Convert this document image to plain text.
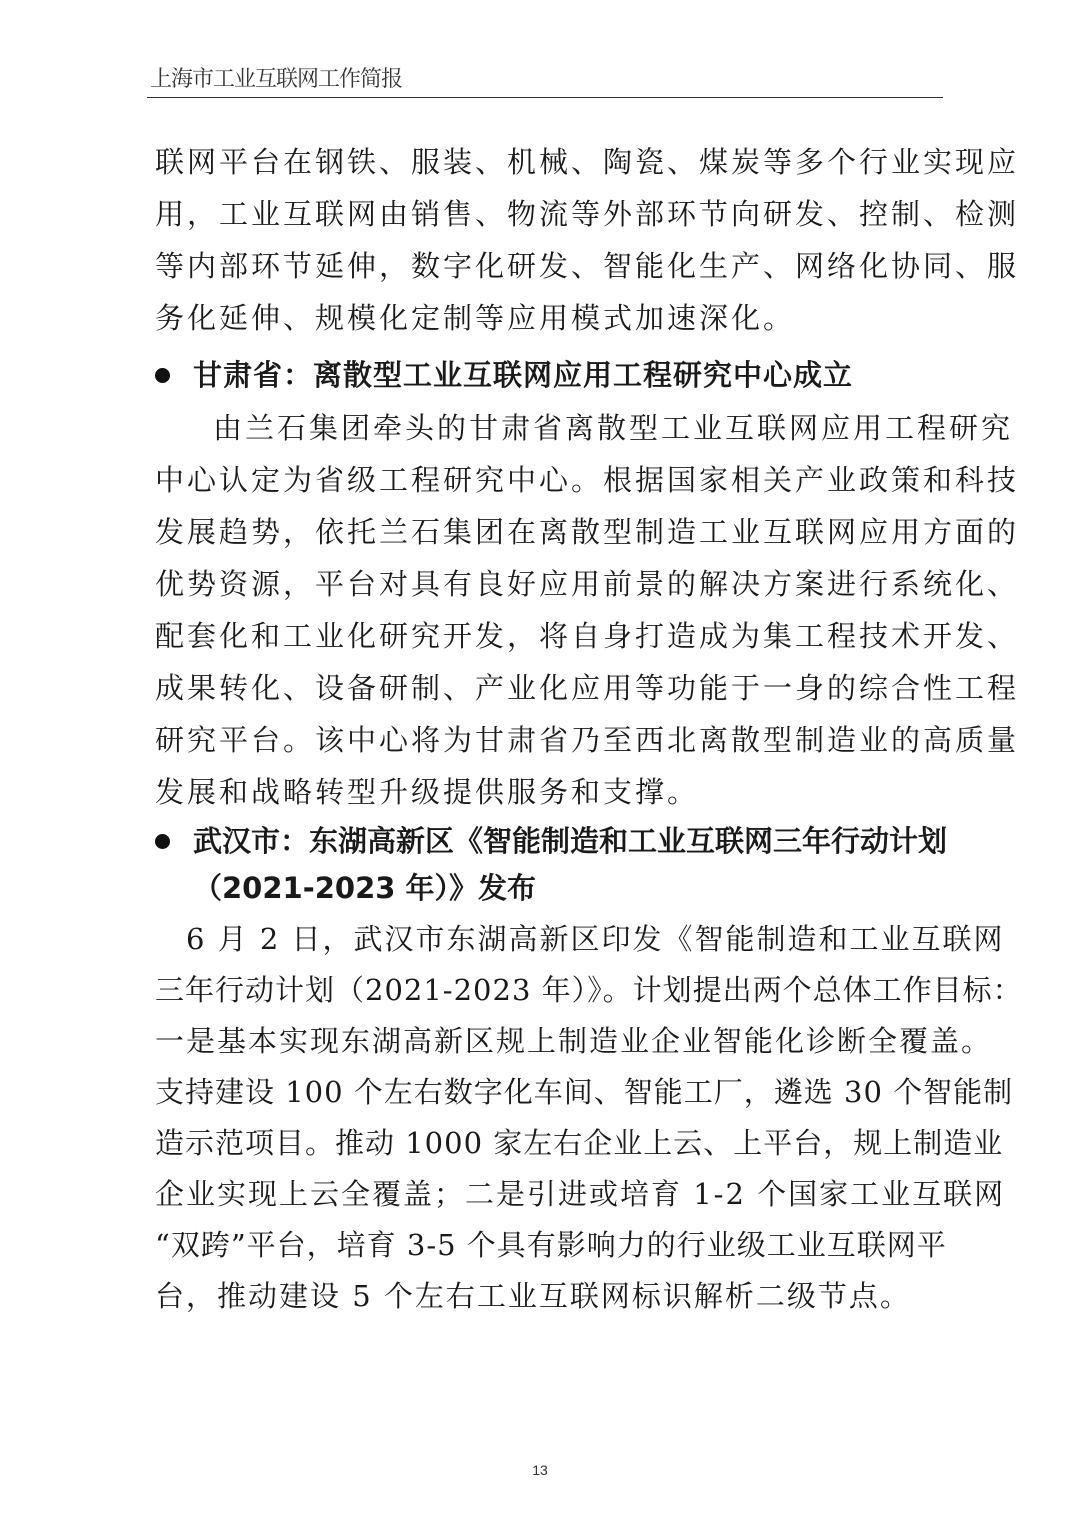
上海市工业互联网工作简报
联网平台在钢铁、服装、机械、陶瓷、煤炭等多个行业实现应
用，工业互联网由销售、物流等外部环节向研发、控制、检测
等内部环节延伸，数字化研发、智能化生产、网络化协同、服
务化延伸、规模化定制等应用模式加速深化。
甘肃省：离散型工业互联网应用工程研究中心成立
由兰石集团牵头的甘肃省离散型工业互联网应用工程研究
中心认定为省级工程研究中心。根据国家相关产业政策和科技
发展趋势，依托兰石集团在离散型制造工业互联网应用方面的
优势资源，平台对具有良好应用前景的解决方案进行系统化、
配套化和工业化研究开发，将自身打造成为集工程技术开发、
成果转化、设备研制、产业化应用等功能于一身的综合性工程
研究平台。该中心将为甘肃省乃至西北离散型制造业的高质量
发展和战略转型升级提供服务和支撑。
武汉市：东湖高新区《智能制造和工业互联网三年行动计划
（2021-2023 年）》发布
6 月 2 日，武汉市东湖高新区印发《智能制造和工业互联网
三年行动计划（2021-2023 年）》。计划提出两个总体工作目标：
一是基本实现东湖高新区规上制造业企业智能化诊断全覆盖。
支持建设 100 个左右数字化车间、智能工厂，遴选 30 个智能制
造示范项目。推动 1000 家左右企业上云、上平台，规上制造业
企业实现上云全覆盖；二是引进或培育 1-2 个国家工业互联网
“双跨”平台，培育 3-5 个具有影响力的行业级工业互联网平
台，推动建设 5 个左右工业互联网标识解析二级节点。
13
